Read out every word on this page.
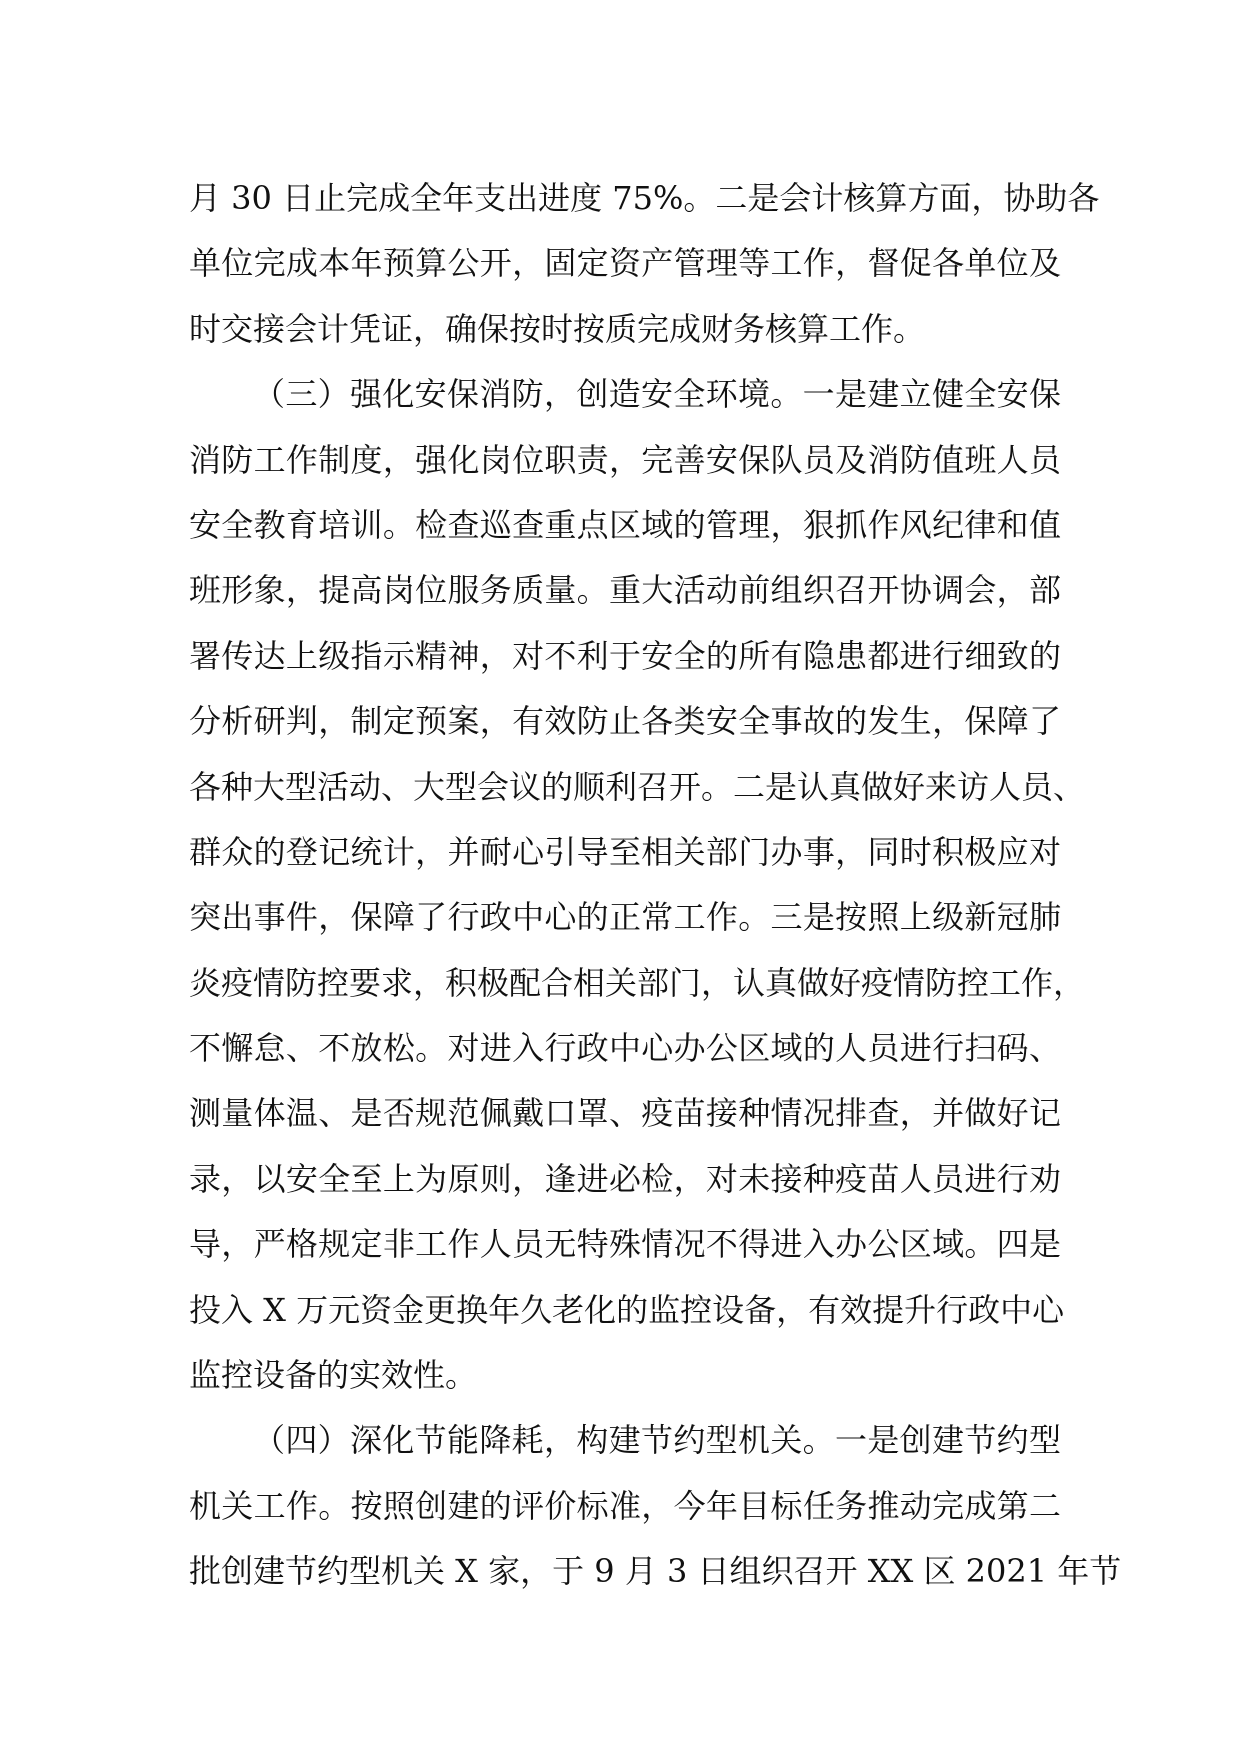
月 30 日止完成全年支出进度 75%。二是会计核算方面，协助各
单位完成本年预算公开，固定资产管理等工作，督促各单位及
时交接会计凭证，确保按时按质完成财务核算工作。
（三）强化安保消防，创造安全环境。一是建立健全安保
消防工作制度，强化岗位职责，完善安保队员及消防值班人员
安全教育培训。检查巡查重点区域的管理，狠抓作风纪律和值
班形象，提高岗位服务质量。重大活动前组织召开协调会，部
署传达上级指示精神，对不利于安全的所有隐患都进行细致的
分析研判，制定预案，有效防止各类安全事故的发生，保障了
各种大型活动、大型会议的顺利召开。二是认真做好来访人员、
群众的登记统计，并耐心引导至相关部门办事，同时积极应对
突出事件，保障了行政中心的正常工作。三是按照上级新冠肺
炎疫情防控要求，积极配合相关部门，认真做好疫情防控工作，
不懈怠、不放松。对进入行政中心办公区域的人员进行扫码、
测量体温、是否规范佩戴口罩、疫苗接种情况排查，并做好记
录，以安全至上为原则，逢进必检，对未接种疫苗人员进行劝
导，严格规定非工作人员无特殊情况不得进入办公区域。四是
投入 X 万元资金更换年久老化的监控设备，有效提升行政中心
监控设备的实效性。
（四）深化节能降耗，构建节约型机关。一是创建节约型
机关工作。按照创建的评价标准，今年目标任务推动完成第二
批创建节约型机关 X 家，于 9 月 3 日组织召开 XX 区 2021 年节
